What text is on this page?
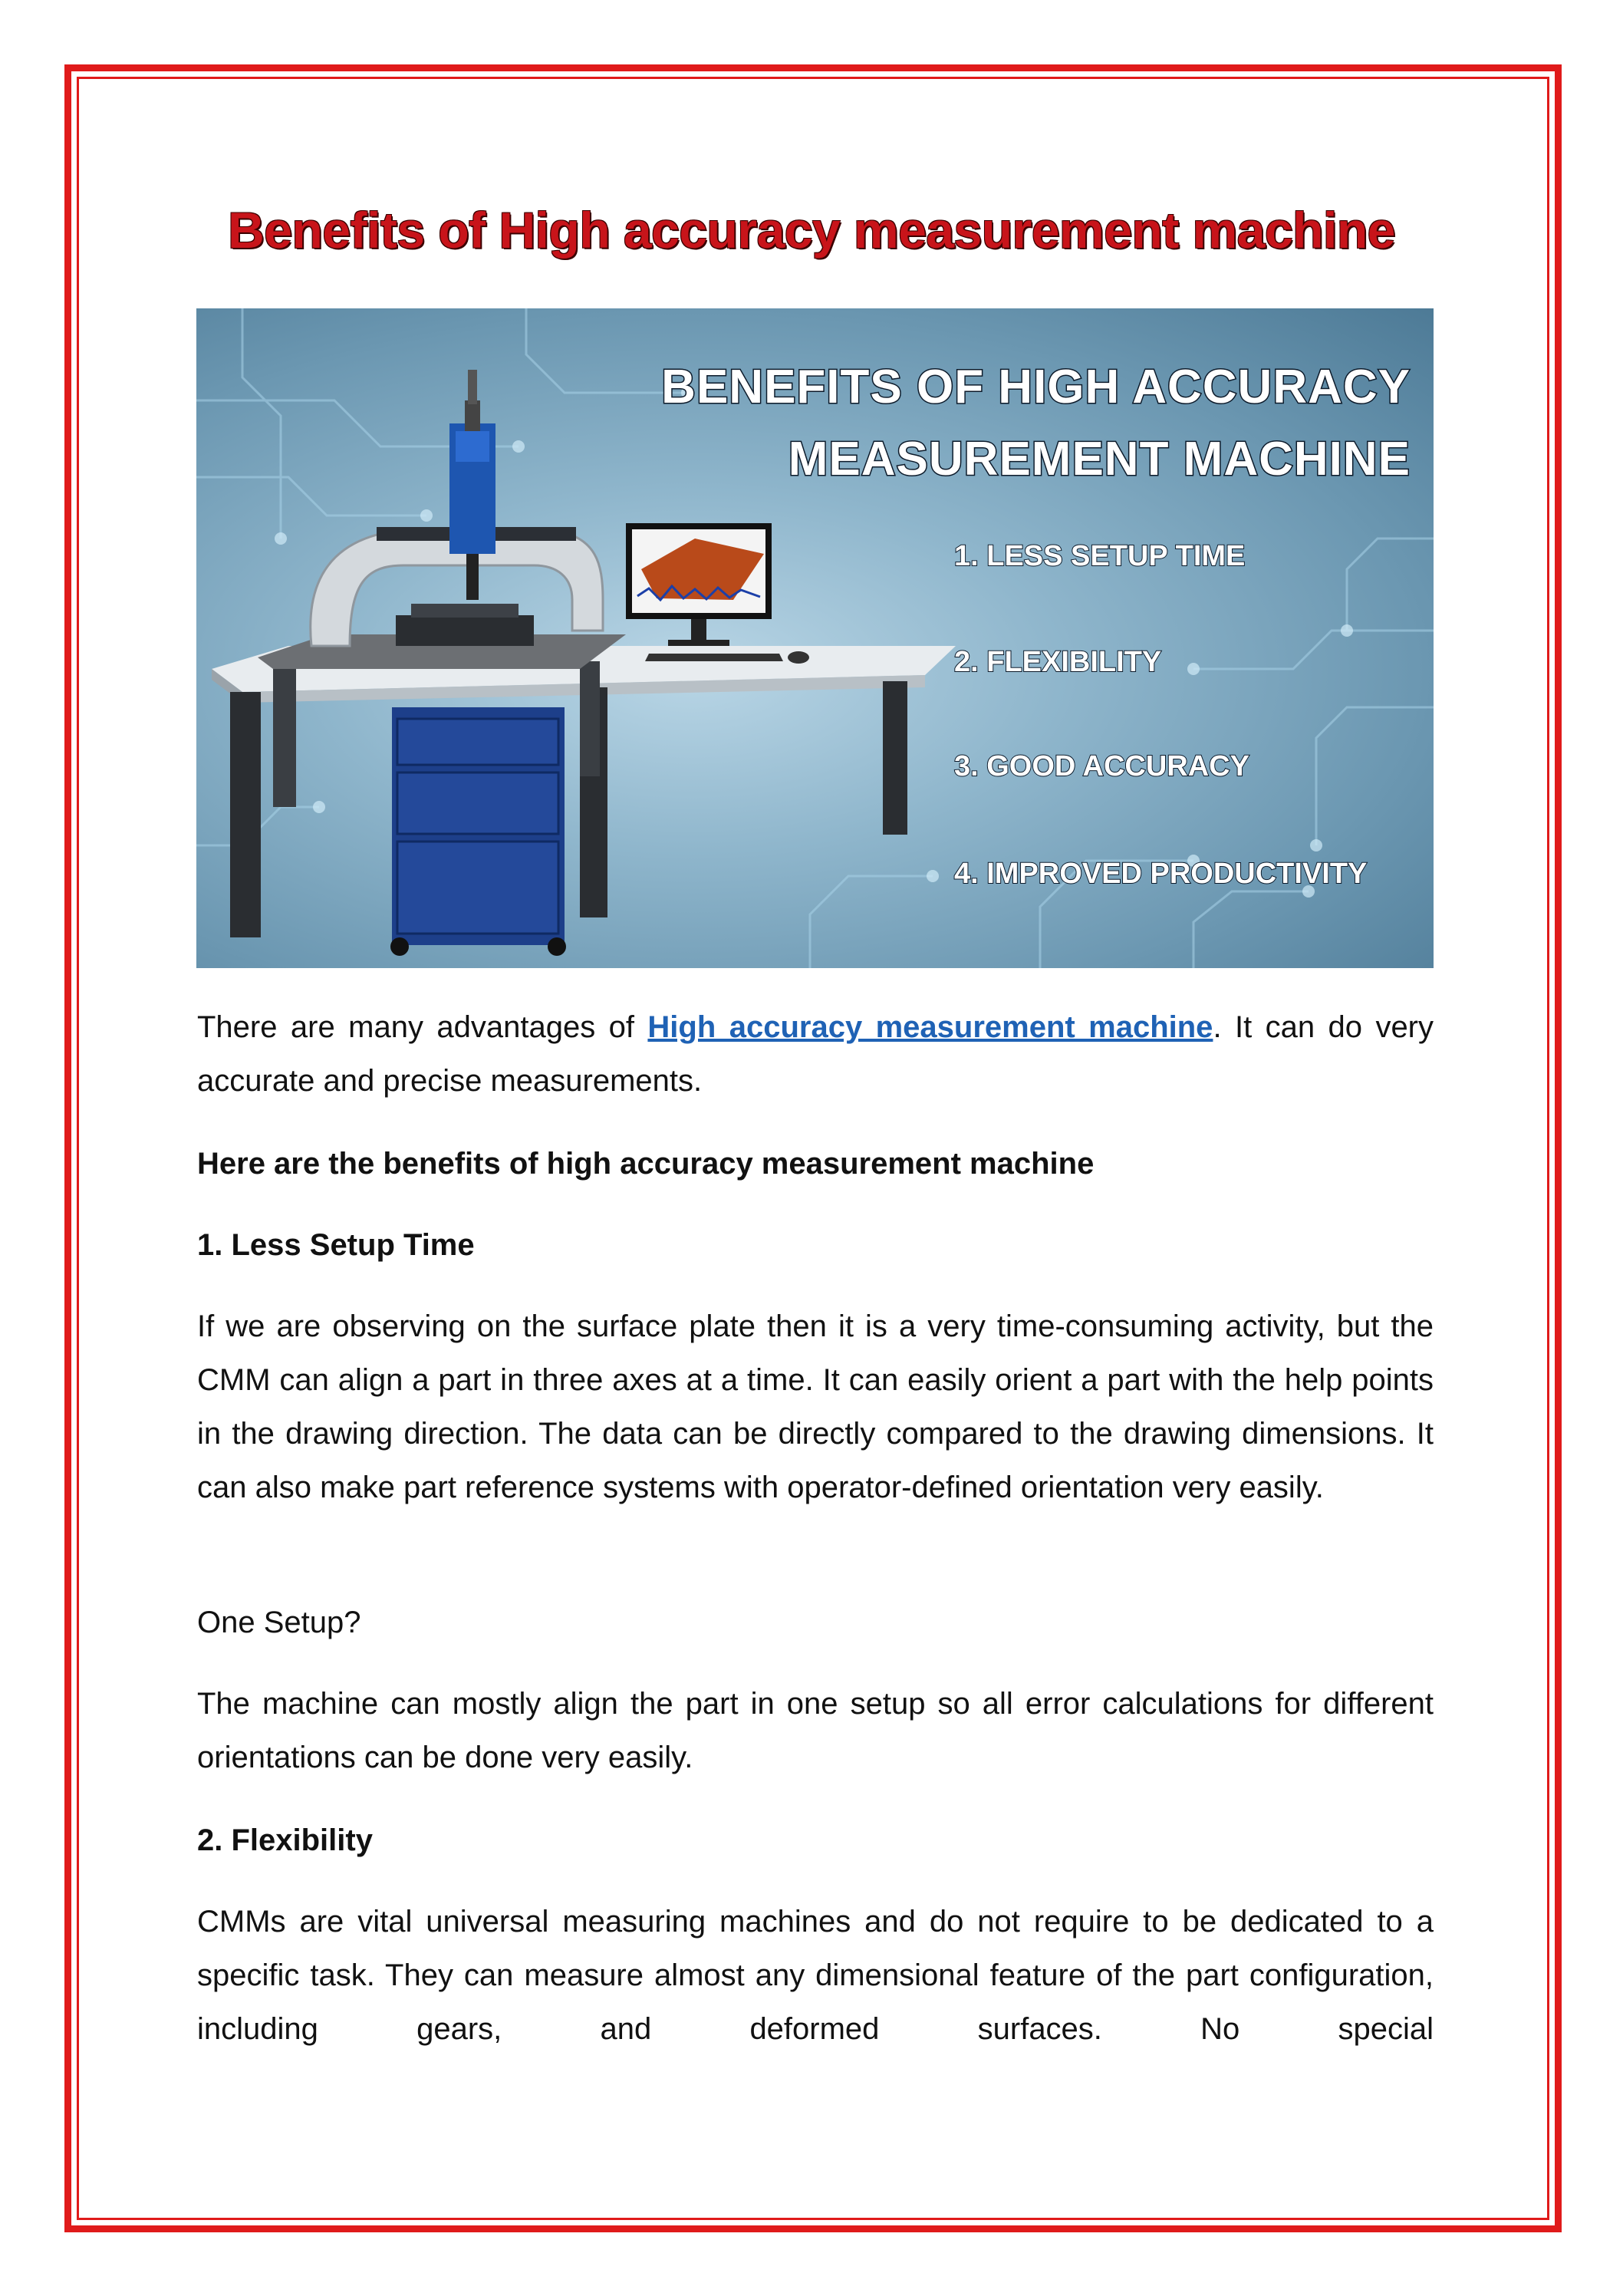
Benefits of High accuracy measurement machine
BENEFITS OF HIGH ACCURACY
MEASUREMENT MACHINE
1. LESS SETUP TIME
2. FLEXIBILITY
3. GOOD ACCURACY
4. IMPROVED PRODUCTIVITY

There are many advantages of High accuracy measurement machine. It can do very accurate and precise measurements.

Here are the benefits of high accuracy measurement machine

1. Less Setup Time

If we are observing on the surface plate then it is a very time-consuming activity, but the CMM can align a part in three axes at a time. It can easily orient a part with the help points in the drawing direction. The data can be directly compared to the drawing dimensions. It can also make part reference systems with operator-defined orientation very easily.

One Setup?

The machine can mostly align the part in one setup so all error calculations for different orientations can be done very easily.

2. Flexibility

CMMs are vital universal measuring machines and do not require to be dedicated to a specific task. They can measure almost any dimensional feature of the part configuration, including gears, and deformed surfaces. No special
